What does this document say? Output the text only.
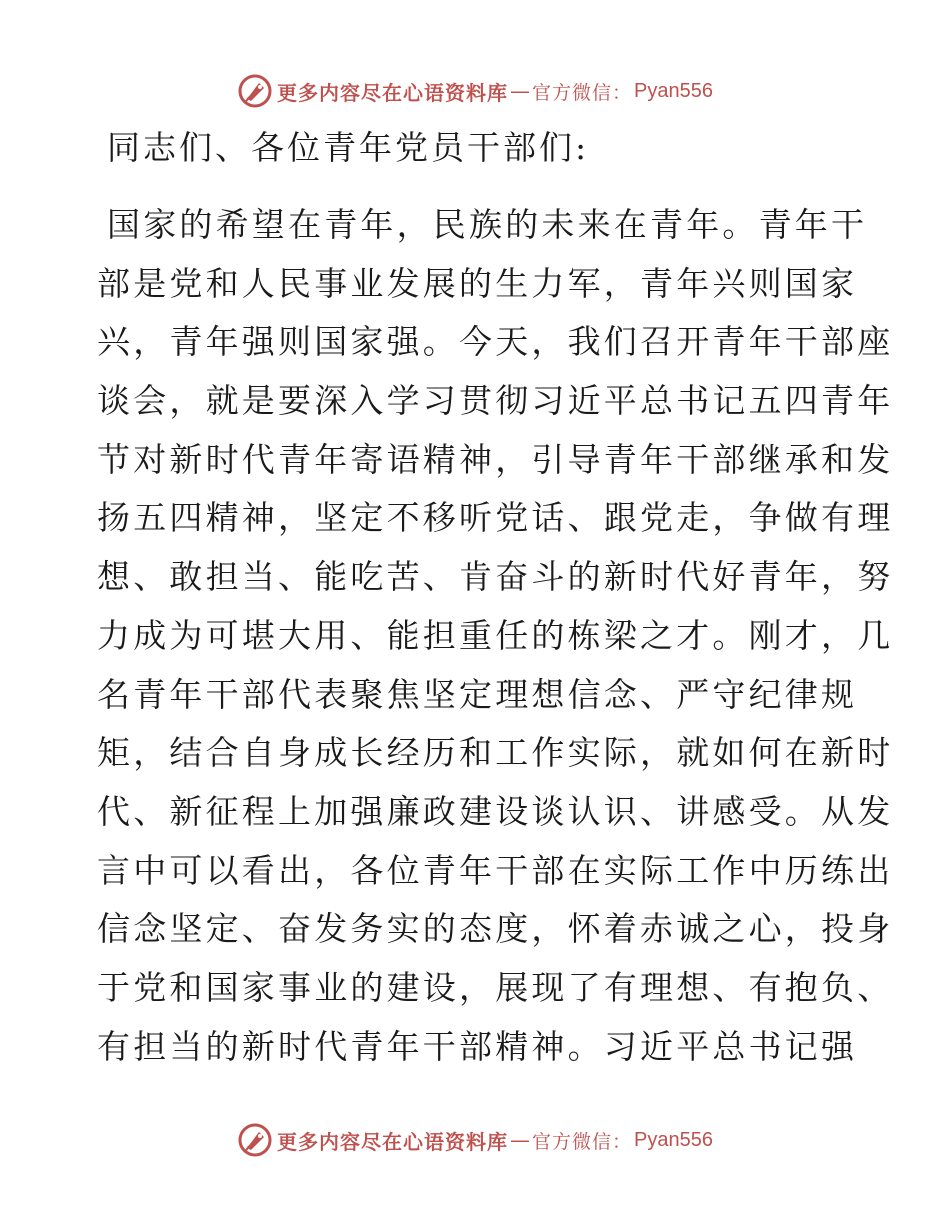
更多内容尽在心语资料库 — 官方微信： Pyan556
同志们、各位青年党员干部们:
国家的希望在青年，民族的未来在青年。青年干
部是党和人民事业发展的生力军，青年兴则国家
兴，青年强则国家强。今天，我们召开青年干部座
谈会，就是要深入学习贯彻习近平总书记五四青年
节对新时代青年寄语精神，引导青年干部继承和发
扬五四精神，坚定不移听党话、跟党走，争做有理
想、敢担当、能吃苦、肯奋斗的新时代好青年，努
力成为可堪大用、能担重任的栋梁之才。刚才，几
名青年干部代表聚焦坚定理想信念、严守纪律规
矩，结合自身成长经历和工作实际，就如何在新时
代、新征程上加强廉政建设谈认识、讲感受。从发
言中可以看出，各位青年干部在实际工作中历练出
信念坚定、奋发务实的态度，怀着赤诚之心，投身
于党和国家事业的建设，展现了有理想、有抱负、
有担当的新时代青年干部精神。习近平总书记强
更多内容尽在心语资料库 — 官方微信： Pyan556
